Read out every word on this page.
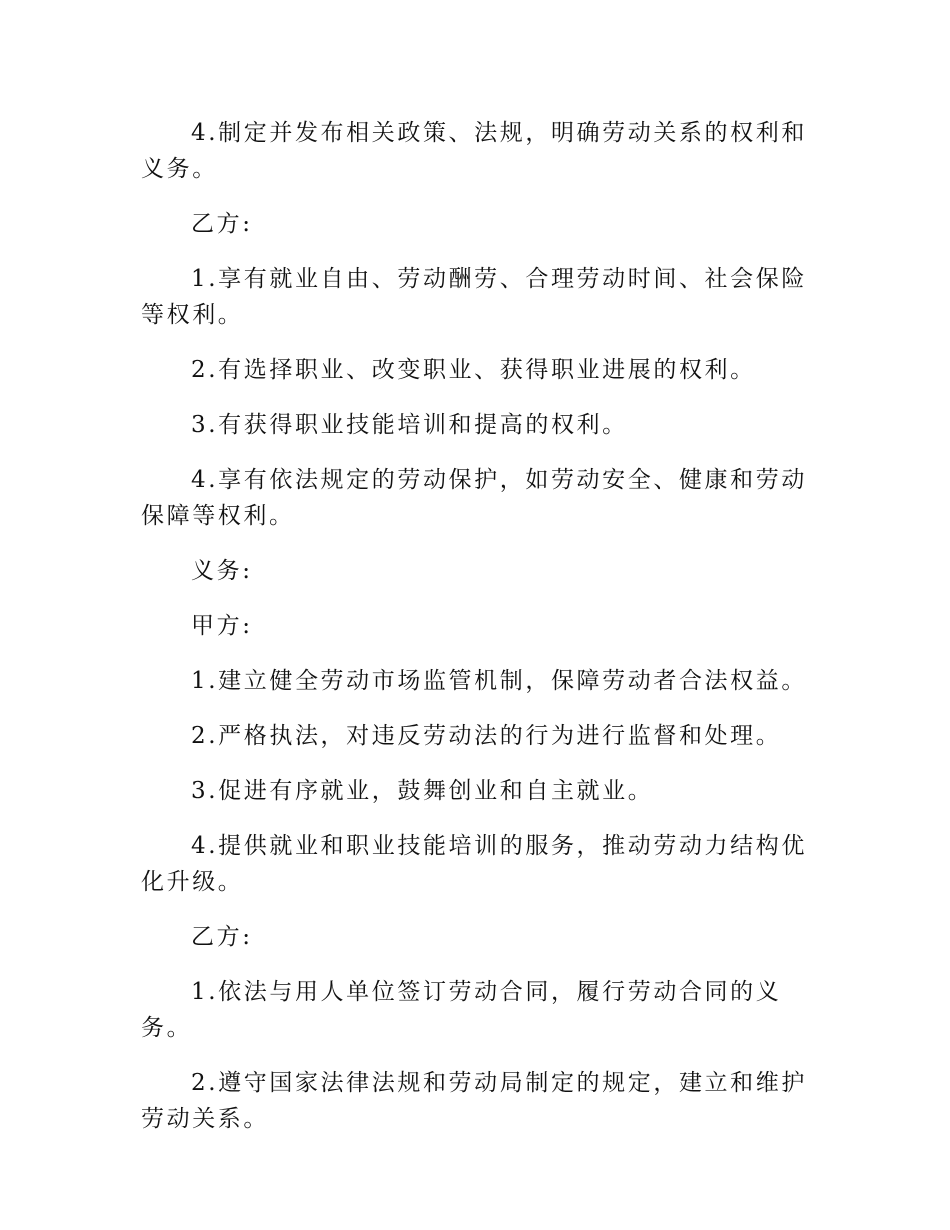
4.制定并发布相关政策、法规，明确劳动关系的权利和义务。

乙方:

1.享有就业自由、劳动酬劳、合理劳动时间、社会保险等权利。

2.有选择职业、改变职业、获得职业进展的权利。

3.有获得职业技能培训和提高的权利。

4.享有依法规定的劳动保护，如劳动安全、健康和劳动保障等权利。

义务:

甲方:

1.建立健全劳动市场监管机制，保障劳动者合法权益。

2.严格执法，对违反劳动法的行为进行监督和处理。

3.促进有序就业，鼓舞创业和自主就业。

4.提供就业和职业技能培训的服务，推动劳动力结构优化升级。

乙方:

1.依法与用人单位签订劳动合同，履行劳动合同的义务。

2.遵守国家法律法规和劳动局制定的规定，建立和维护劳动关系。
